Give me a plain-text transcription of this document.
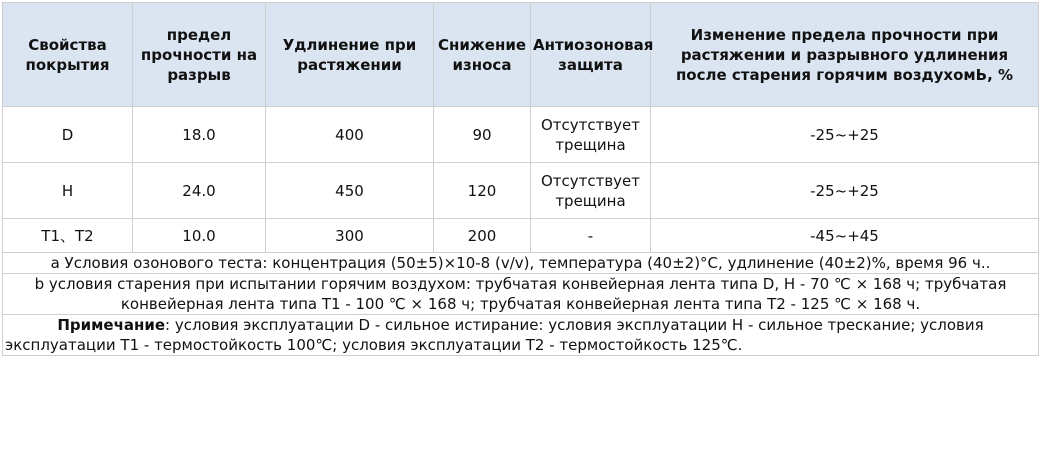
Свойства покрытия	предел прочности на разрыв	Удлинение при растяжении	Снижение износа	Антиозоновая защита	Изменение предела прочности при растяжении и разрывного удлинения после старения горячим воздухомЬ, %
D	18.0	400	90	Отсутствует трещина	-25~+25
H	24.0	450	120	Отсутствует трещина	-25~+25
T1、T2	10.0	300	200	-	-45~+45
a Условия озонового теста: концентрация (50±5)×10-8 (v/v), температура (40±2)°C, удлинение (40±2)%, время 96 ч..					
b условия старения при испытании горячим воздухом: трубчатая конвейерная лента типа D, H - 70 ℃ × 168 ч; трубчатая конвейерная лента типа T1 - 100 ℃ × 168 ч; трубчатая конвейерная лента типа T2 - 125 ℃ × 168 ч.					
Примечание: условия эксплуатации D - сильное истирание: условия эксплуатации H - сильное трескание; условия эксплуатации T1 - термостойкость 100℃; условия эксплуатации T2 - термостойкость 125℃.					
